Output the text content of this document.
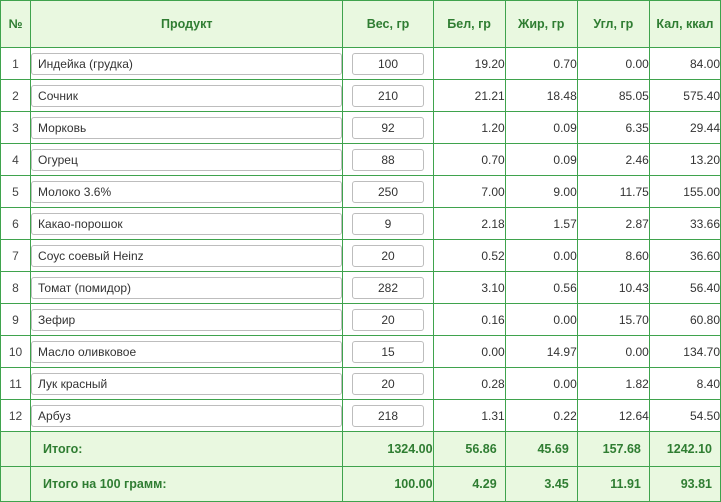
№	Продукт	Вес, гр	Бел, гр	Жир, гр	Угл, гр	Кал, ккал
1	Индейка (грудка)	100	19.20	0.70	0.00	84.00
2	Сочник	210	21.21	18.48	85.05	575.40
3	Морковь	92	1.20	0.09	6.35	29.44
4	Огурец	88	0.70	0.09	2.46	13.20
5	Молоко 3.6%	250	7.00	9.00	11.75	155.00
6	Какао-порошок	9	2.18	1.57	2.87	33.66
7	Соус соевый Heinz	20	0.52	0.00	8.60	36.60
8	Томат (помидор)	282	3.10	0.56	10.43	56.40
9	Зефир	20	0.16	0.00	15.70	60.80
10	Масло оливковое	15	0.00	14.97	0.00	134.70
11	Лук красный	20	0.28	0.00	1.82	8.40
12	Арбуз	218	1.31	0.22	12.64	54.50
	Итого:	1324.00	56.86	45.69	157.68	1242.10
	Итого на 100 грамм:	100.00	4.29	3.45	11.91	93.81
